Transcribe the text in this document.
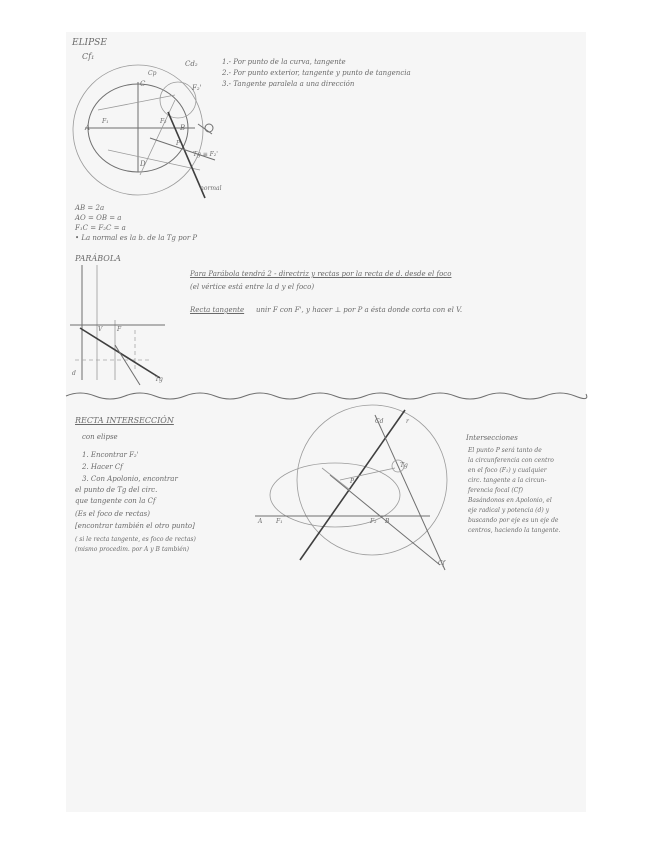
ELIPSE
Cf₁
Cd₂	1.- Por punto de la curva, tangente
2.- Por punto exterior, tangente y punto de tangencia
3.- Tangente paralela a una dirección
A	B
C
D
F₁	F₂
Cp
F₂'
P
Tg ≡ F₂'
normal
AB = 2a
AO = OB = a
F₁C = F₂C = a
• La normal es la b. de la Tg por P
PARÁBOLA
Para Parábola tendrá 2 - directriz y rectas por la recta de d. desde el foco
(el vértice está entre la d y el foco)
Recta tangente unir F con F', y hacer ⊥ por P a ésta donde corta con el V.
d
V F
Tg
RECTA INTERSECCIÓN
con elipse
1. Encontrar F₂'
2. Hacer Cf
3. Con Apolonio, encontrar
el punto de Tg del circ.
que tangente con la Cf
(Es el foco de rectas)
[encontrar también el otro punto]
( si le recta tangente, es foco de rectas)
(mismo procedim. por A y B también)
A F₁	F₂ B
P
Cd
Cf
Tg
r
Intersecciones
El punto P será tanto de
la circunferencia con centro
en el foco (F₁) y cualquier
circ. tangente a la circun-
ferencia focal (Cf)
Basándonos en Apolonio, el
eje radical y potencia (d) y
buscando por eje es un eje de
centros, haciendo la tangente.
